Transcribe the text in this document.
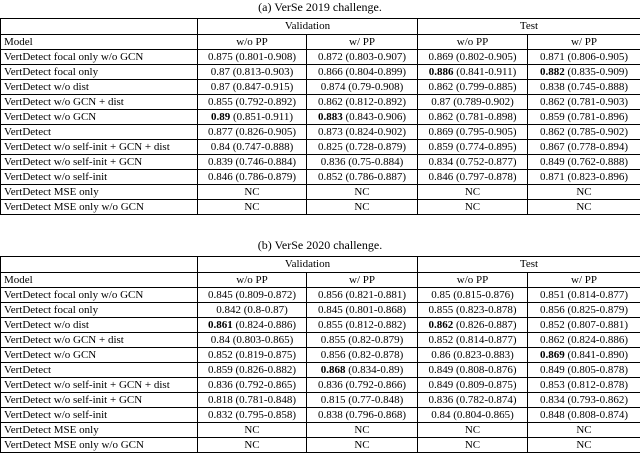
(a) VerSe 2019 challenge.
	Validation		Test	
Model	w/o PP	w/ PP	w/o PP	w/ PP
VertDetect focal only w/o GCN	0.875 (0.801-0.908)	0.872 (0.803-0.907)	0.869 (0.802-0.905)	0.871 (0.806-0.905)
VertDetect focal only	0.87 (0.813-0.903)	0.866 (0.804-0.899)	0.886 (0.841-0.911)	0.882 (0.835-0.909)
VertDetect w/o dist	0.87 (0.847-0.915)	0.874 (0.79-0.908)	0.862 (0.799-0.885)	0.838 (0.745-0.888)
VertDetect w/o GCN + dist	0.855 (0.792-0.892)	0.862 (0.812-0.892)	0.87 (0.789-0.902)	0.862 (0.781-0.903)
VertDetect w/o GCN	0.89 (0.851-0.911)	0.883 (0.843-0.906)	0.862 (0.781-0.898)	0.859 (0.781-0.896)
VertDetect	0.877 (0.826-0.905)	0.873 (0.824-0.902)	0.869 (0.795-0.905)	0.862 (0.785-0.902)
VertDetect w/o self-init + GCN + dist	0.84 (0.747-0.888)	0.825 (0.728-0.879)	0.859 (0.774-0.895)	0.867 (0.778-0.894)
VertDetect w/o self-init + GCN	0.839 (0.746-0.884)	0.836 (0.75-0.884)	0.834 (0.752-0.877)	0.849 (0.762-0.888)
VertDetect w/o self-init	0.846 (0.786-0.879)	0.852 (0.786-0.887)	0.846 (0.797-0.878)	0.871 (0.823-0.896)
VertDetect MSE only	NC	NC	NC	NC
VertDetect MSE only w/o GCN	NC	NC	NC	NC
(b) VerSe 2020 challenge.
	Validation		Test	
Model	w/o PP	w/ PP	w/o PP	w/ PP
VertDetect focal only w/o GCN	0.845 (0.809-0.872)	0.856 (0.821-0.881)	0.85 (0.815-0.876)	0.851 (0.814-0.877)
VertDetect focal only	0.842 (0.8-0.87)	0.845 (0.801-0.868)	0.855 (0.823-0.878)	0.856 (0.825-0.879)
VertDetect w/o dist	0.861 (0.824-0.886)	0.855 (0.812-0.882)	0.862 (0.826-0.887)	0.852 (0.807-0.881)
VertDetect w/o GCN + dist	0.84 (0.803-0.865)	0.855 (0.82-0.879)	0.852 (0.814-0.877)	0.862 (0.824-0.886)
VertDetect w/o GCN	0.852 (0.819-0.875)	0.856 (0.82-0.878)	0.86 (0.823-0.883)	0.869 (0.841-0.890)
VertDetect	0.859 (0.826-0.882)	0.868 (0.834-0.89)	0.849 (0.808-0.876)	0.849 (0.805-0.878)
VertDetect w/o self-init + GCN + dist	0.836 (0.792-0.865)	0.836 (0.792-0.866)	0.849 (0.809-0.875)	0.853 (0.812-0.878)
VertDetect w/o self-init + GCN	0.818 (0.781-0.848)	0.815 (0.77-0.848)	0.836 (0.782-0.874)	0.834 (0.793-0.862)
VertDetect w/o self-init	0.832 (0.795-0.858)	0.838 (0.796-0.868)	0.84 (0.804-0.865)	0.848 (0.808-0.874)
VertDetect MSE only	NC	NC	NC	NC
VertDetect MSE only w/o GCN	NC	NC	NC	NC
